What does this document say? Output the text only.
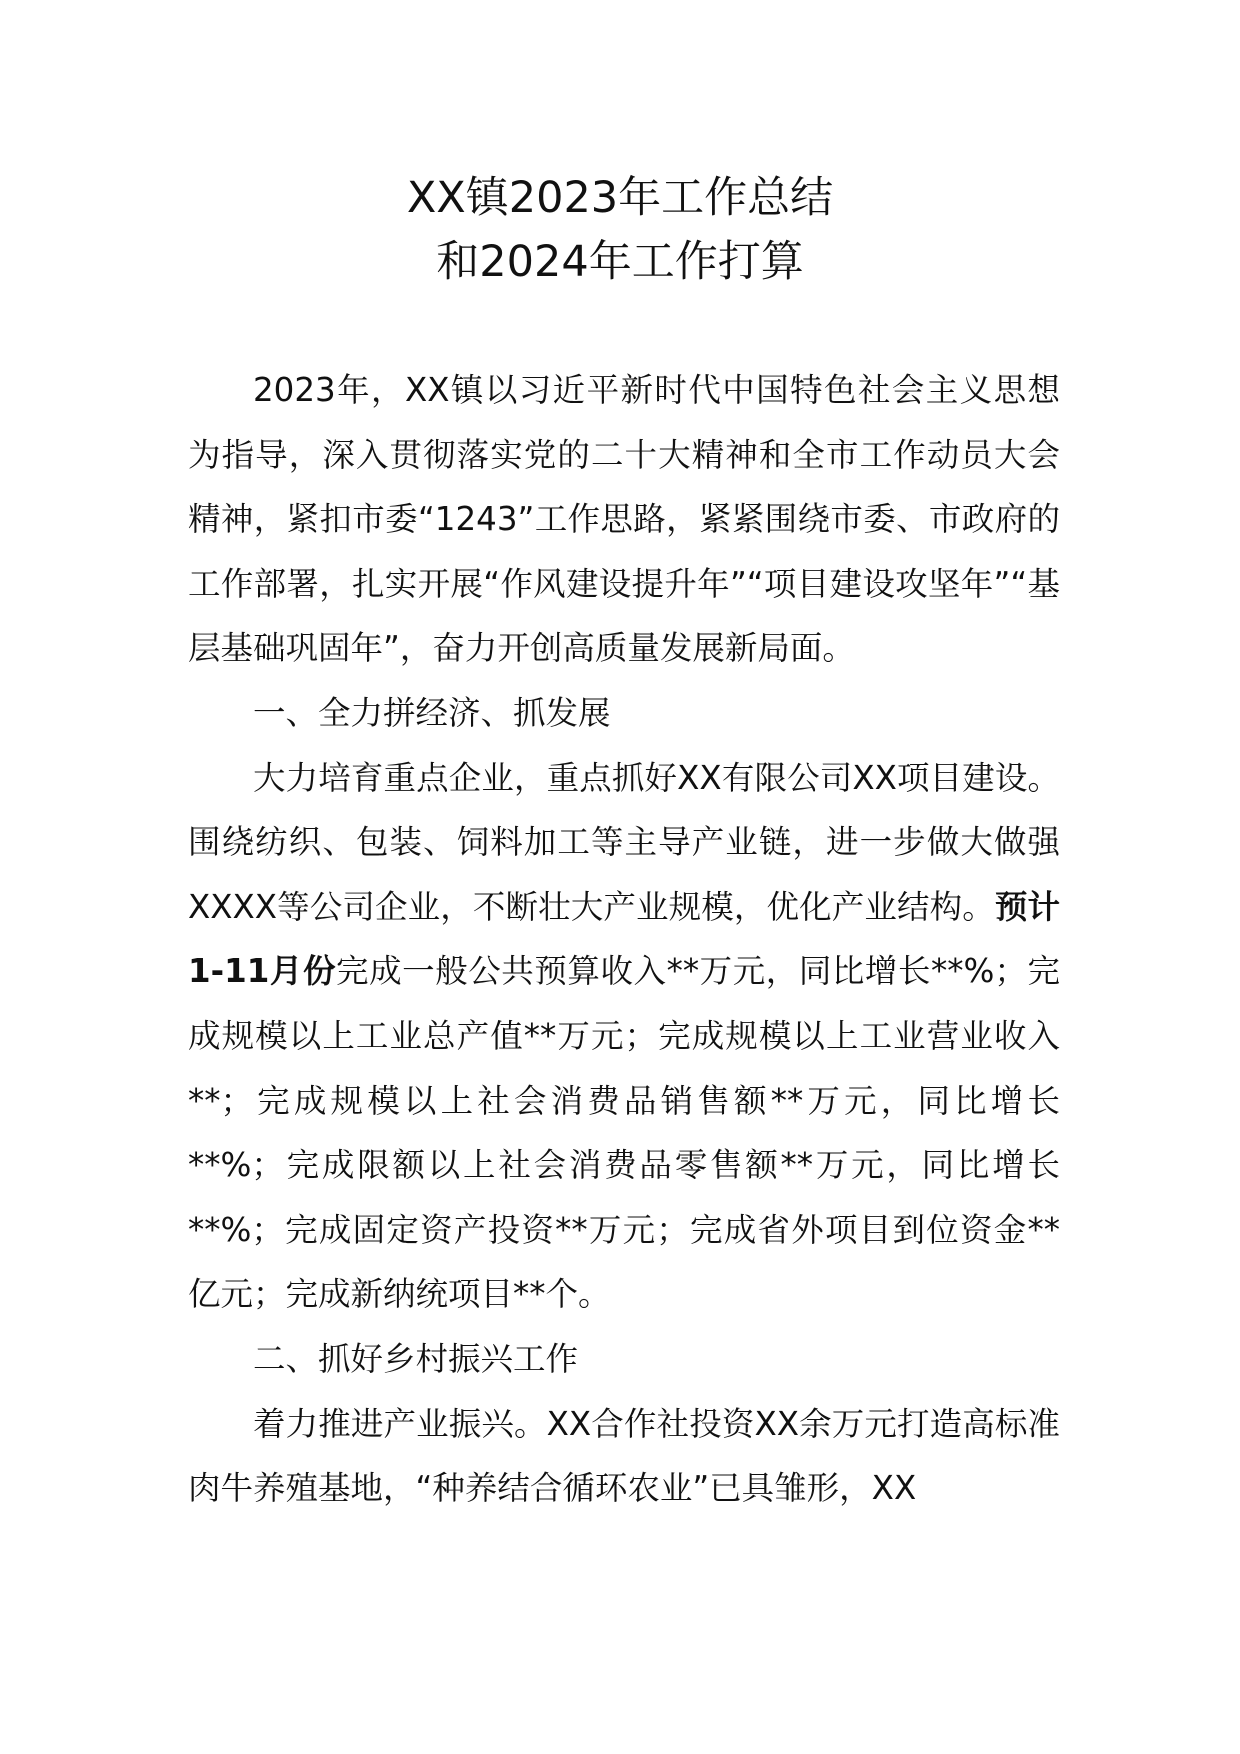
XX镇2023年工作总结
和2024年工作打算

2023年，XX镇以习近平新时代中国特色社会主义思想为指导，深入贯彻落实党的二十大精神和全市工作动员大会精神，紧扣市委“1243”工作思路，紧紧围绕市委、市政府的工作部署，扎实开展“作风建设提升年”“项目建设攻坚年”“基层基础巩固年”，奋力开创高质量发展新局面。

一、全力拼经济、抓发展

大力培育重点企业，重点抓好XX有限公司XX项目建设。围绕纺织、包装、饲料加工等主导产业链，进一步做大做强XXXX等公司企业，不断壮大产业规模，优化产业结构。预计1-11月份完成一般公共预算收入**万元，同比增长**%；完成规模以上工业总产值**万元；完成规模以上工业营业收入**；完成规模以上社会消费品销售额**万元，同比增长**%；完成限额以上社会消费品零售额**万元，同比增长**%；完成固定资产投资**万元；完成省外项目到位资金**亿元；完成新纳统项目**个。

二、抓好乡村振兴工作

着力推进产业振兴。XX合作社投资XX余万元打造高标准肉牛养殖基地，“种养结合循环农业”已具雏形，XX
